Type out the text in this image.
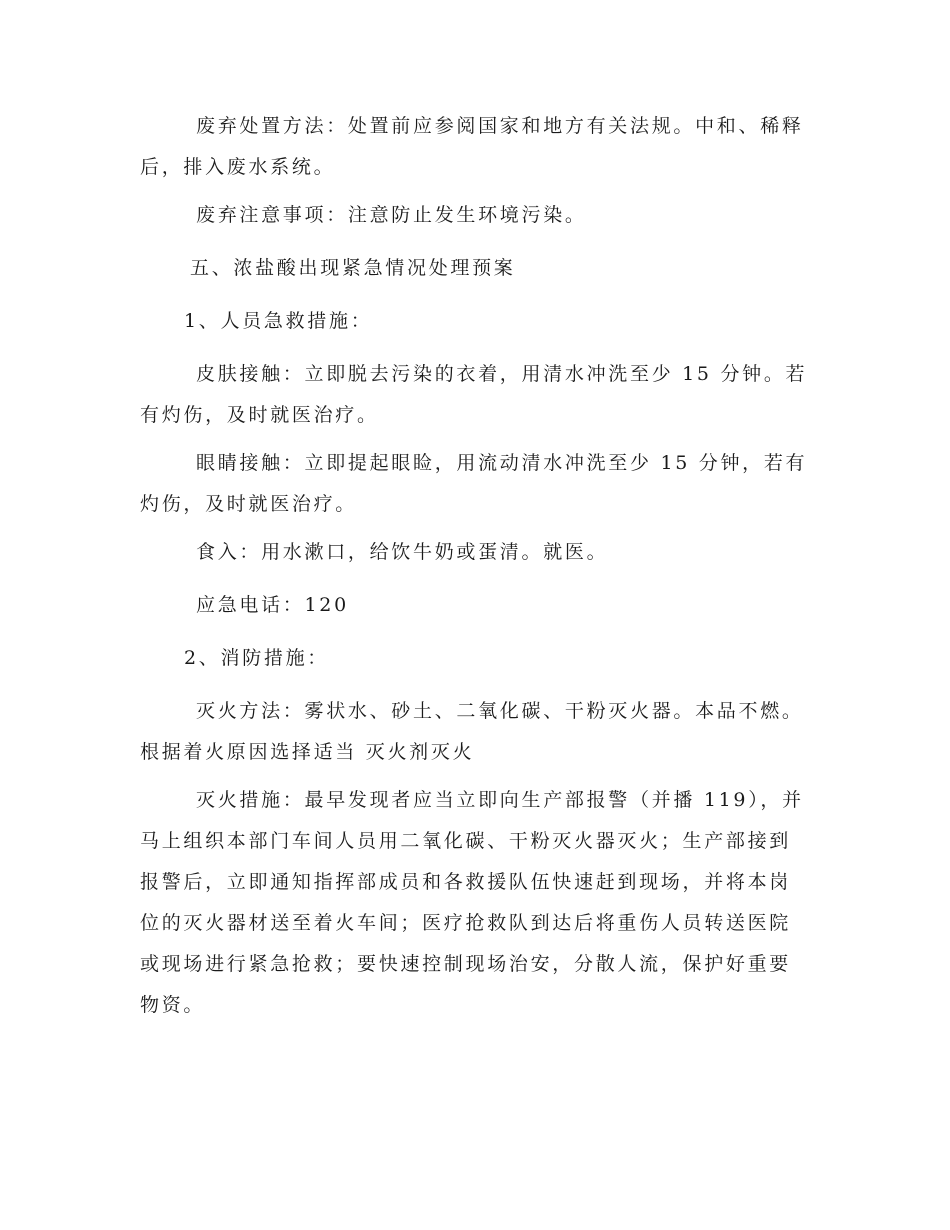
废弃处置方法：处置前应参阅国家和地方有关法规。中和、稀释
后，排入废水系统。

废弃注意事项：注意防止发生环境污染。

五、浓盐酸出现紧急情况处理预案

1、人员急救措施：

皮肤接触：立即脱去污染的衣着，用清水冲洗至少 15 分钟。若
有灼伤，及时就医治疗。

眼睛接触：立即提起眼睑，用流动清水冲洗至少 15 分钟，若有
灼伤，及时就医治疗。

食入：用水漱口，给饮牛奶或蛋清。就医。

应急电话：120

2、消防措施：

灭火方法：雾状水、砂土、二氧化碳、干粉灭火器。本品不燃。
根据着火原因选择适当 灭火剂灭火

灭火措施：最早发现者应当立即向生产部报警（并播 119），并
马上组织本部门车间人员用二氧化碳、干粉灭火器灭火；生产部接到
报警后，立即通知指挥部成员和各救援队伍快速赶到现场，并将本岗
位的灭火器材送至着火车间；医疗抢救队到达后将重伤人员转送医院
或现场进行紧急抢救；要快速控制现场治安，分散人流，保护好重要
物资。
